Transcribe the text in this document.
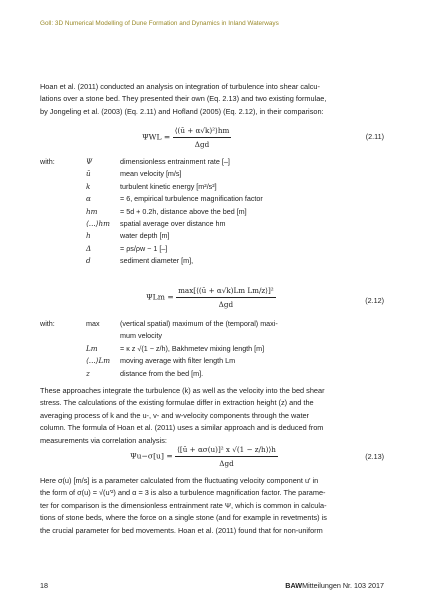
Goll: 3D Numerical Modelling of Dune Formation and Dynamics in Inland Waterways

Hoan et al. (2011) conducted an analysis on integration of turbulence into shear calcu-

lations over a stone bed. They presented their own (Eq. 2.13) and two existing formulae,

by Jongeling et al. (2003) (Eq. 2.11) and Hofland (2005) (Eq. 2.12), in their comparison:

$\Psi WL = \frac{\text{⟨(ū + α√k)²⟩hm}}{\text{Δgd}}$	(2.11)
with:	Ψ	dimensionless entrainment rate [–]
ū	mean velocity [m/s]
k	turbulent kinetic energy [m²/s²]
α	= 6, empirical turbulence magnification factor
hm	= 5d + 0.2h, distance above the bed [m]
⟨...⟩hm spatial average over distance hm
h	water depth [m]
Δ	= ρs/ρw − 1 [–]
d	sediment diameter [m],
$\Psi Lm = \frac{\text{max[⟨(ū + α√k)Lm Lm/z⟩]²}}{\text{Δgd}}$	(2.12)
with:	max	(vertical spatial) maximum of the (temporal) maxi-
mum velocity
Lm	= κ z √(1 − z/h), Bakhmetev mixing length [m]
⟨...⟩Lm moving average with filter length Lm
z	distance from the bed [m].

These approaches integrate the turbulence (k) as well as the velocity into the bed shear

stress. The calculations of the existing formulae differ in extraction height (z) and the

averaging process of k and the u-, v- and w-velocity components through the water

column. The formula of Hoan et al. (2011) uses a similar approach and is deduced from

measurements via correlation analysis:

$\Psi u-\sigma[u] = \frac{\text{⟨[ū + ασ(u)]² x √(1 − z/h)⟩h}}{\text{Δgd}}$	(2.13)

Here σ(u) [m/s] is a parameter calculated from the fluctuating velocity component u′ in

the form of σ(u) = √(u′²) and α = 3 is also a turbulence magnification factor. The parame-

ter for comparison is the dimensionless entrainment rate Ψ, which is common in calcula-

tions of stone beds, where the force on a single stone (and for example in revetments) is

the crucial parameter for bed movements. Hoan et al. (2011) found that for non-uniform

18	BAWMitteilungen Nr. 103 2017
